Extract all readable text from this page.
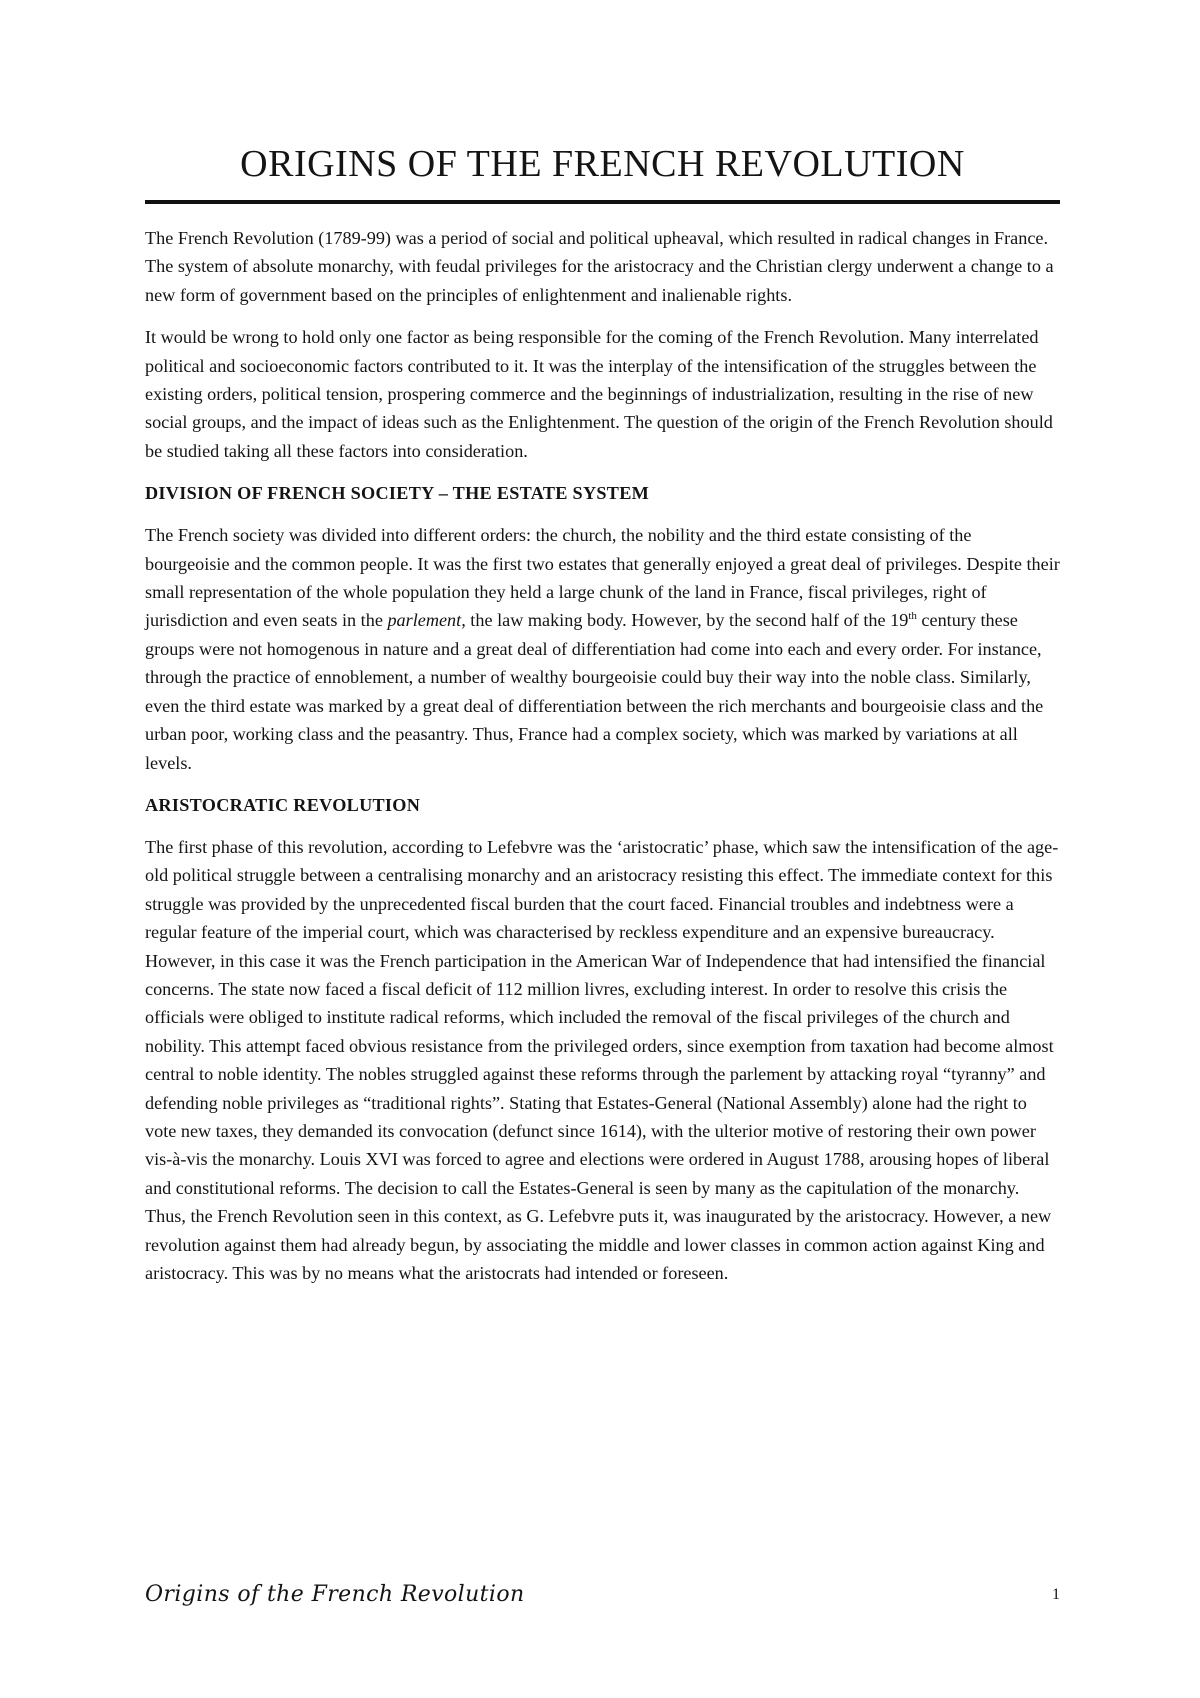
ORIGINS OF THE FRENCH REVOLUTION

The French Revolution (1789-99) was a period of social and political upheaval, which resulted in radical changes in France. The system of absolute monarchy, with feudal privileges for the aristocracy and the Christian clergy underwent a change to a new form of government based on the principles of enlightenment and inalienable rights.

It would be wrong to hold only one factor as being responsible for the coming of the French Revolution. Many interrelated political and socioeconomic factors contributed to it. It was the interplay of the intensification of the struggles between the existing orders, political tension, prospering commerce and the beginnings of industrialization, resulting in the rise of new social groups, and the impact of ideas such as the Enlightenment. The question of the origin of the French Revolution should be studied taking all these factors into consideration.

DIVISION OF FRENCH SOCIETY – THE ESTATE SYSTEM

The French society was divided into different orders: the church, the nobility and the third estate consisting of the bourgeoisie and the common people. It was the first two estates that generally enjoyed a great deal of privileges. Despite their small representation of the whole population they held a large chunk of the land in France, fiscal privileges, right of jurisdiction and even seats in the parlement, the law making body. However, by the second half of the 19th century these groups were not homogenous in nature and a great deal of differentiation had come into each and every order. For instance, through the practice of ennoblement, a number of wealthy bourgeoisie could buy their way into the noble class. Similarly, even the third estate was marked by a great deal of differentiation between the rich merchants and bourgeoisie class and the urban poor, working class and the peasantry. Thus, France had a complex society, which was marked by variations at all levels.

ARISTOCRATIC REVOLUTION

The first phase of this revolution, according to Lefebvre was the ‘aristocratic’ phase, which saw the intensification of the age-old political struggle between a centralising monarchy and an aristocracy resisting this effect. The immediate context for this struggle was provided by the unprecedented fiscal burden that the court faced. Financial troubles and indebtness were a regular feature of the imperial court, which was characterised by reckless expenditure and an expensive bureaucracy. However, in this case it was the French participation in the American War of Independence that had intensified the financial concerns. The state now faced a fiscal deficit of 112 million livres, excluding interest. In order to resolve this crisis the officials were obliged to institute radical reforms, which included the removal of the fiscal privileges of the church and nobility. This attempt faced obvious resistance from the privileged orders, since exemption from taxation had become almost central to noble identity. The nobles struggled against these reforms through the parlement by attacking royal “tyranny” and defending noble privileges as “traditional rights”. Stating that Estates-General (National Assembly) alone had the right to vote new taxes, they demanded its convocation (defunct since 1614), with the ulterior motive of restoring their own power vis-à-vis the monarchy. Louis XVI was forced to agree and elections were ordered in August 1788, arousing hopes of liberal and constitutional reforms. The decision to call the Estates-General is seen by many as the capitulation of the monarchy. Thus, the French Revolution seen in this context, as G. Lefebvre puts it, was inaugurated by the aristocracy. However, a new revolution against them had already begun, by associating the middle and lower classes in common action against King and aristocracy. This was by no means what the aristocrats had intended or foreseen.

Origins of the French Revolution	1
